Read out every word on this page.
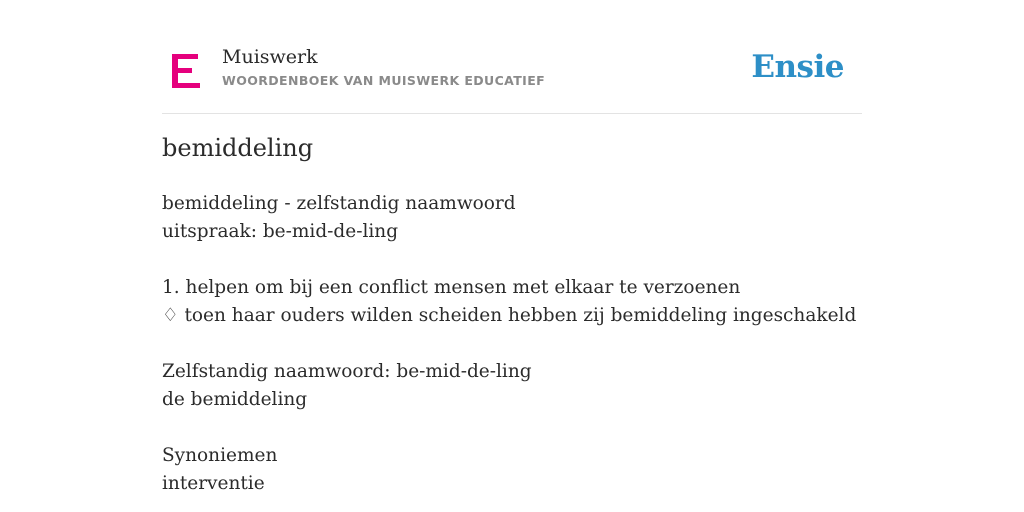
Muiswerk
WOORDENBOEK VAN MUISWERK EDUCATIEF	Ensie
bemiddeling
bemiddeling - zelfstandig naamwoord
uitspraak: be-mid-de-ling
1. helpen om bij een conflict mensen met elkaar te verzoenen
♢ toen haar ouders wilden scheiden hebben zij bemiddeling ingeschakeld
Zelfstandig naamwoord: be-mid-de-ling
de bemiddeling
Synoniemen
interventie
